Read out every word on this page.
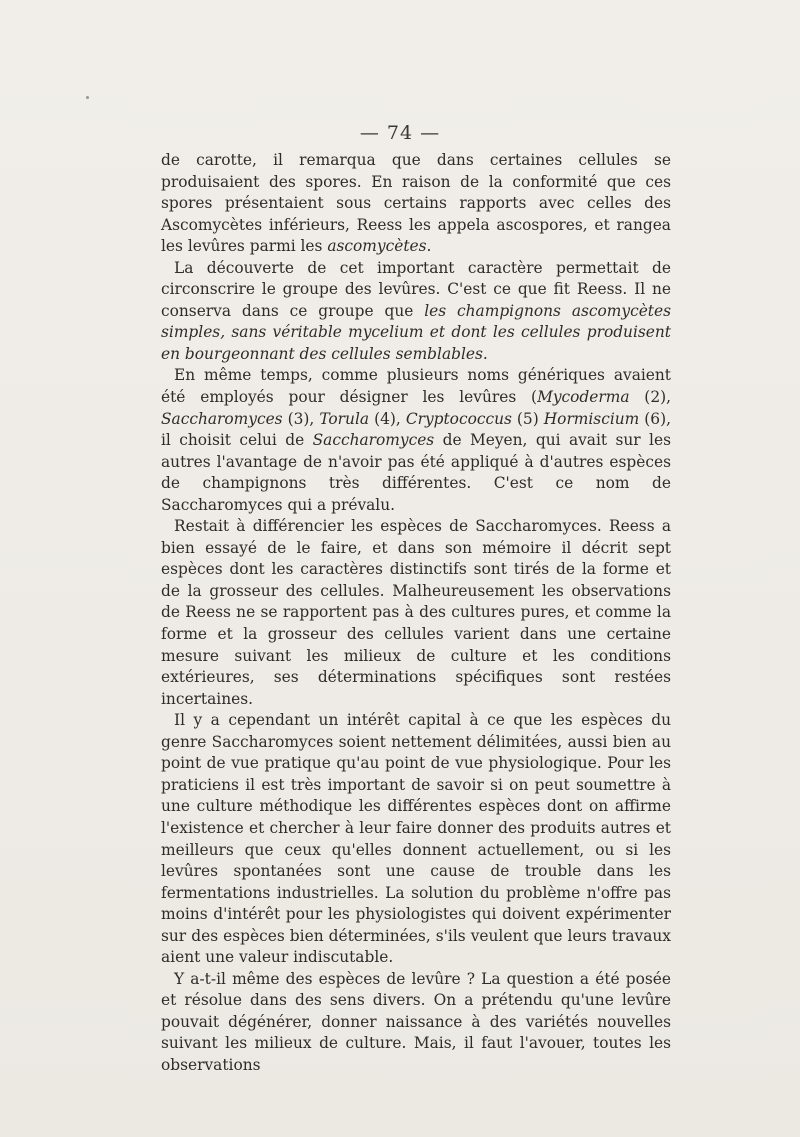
— 74 —

de carotte, il remarqua que dans certaines cellules se produisaient des spores. En raison de la conformité que ces spores présentaient sous certains rapports avec celles des Ascomycètes inférieurs, Reess les appela ascospores, et rangea les levûres parmi les ascomycètes.

La découverte de cet important caractère permettait de circonscrire le groupe des levûres. C'est ce que fit Reess. Il ne conserva dans ce groupe que les champignons ascomycètes simples, sans véritable mycelium et dont les cellules produisent en bourgeonnant des cellules semblables.

En même temps, comme plusieurs noms génériques avaient été employés pour désigner les levûres (Mycoderma (2), Saccharomyces (3), Torula (4), Cryptococcus (5) Hormiscium (6), il choisit celui de Saccharomyces de Meyen, qui avait sur les autres l'avantage de n'avoir pas été appliqué à d'autres espèces de champignons très différentes. C'est ce nom de Saccharomyces qui a prévalu.

Restait à différencier les espèces de Saccharomyces. Reess a bien essayé de le faire, et dans son mémoire il décrit sept espèces dont les caractères distinctifs sont tirés de la forme et de la grosseur des cellules. Malheureusement les observations de Reess ne se rapportent pas à des cultures pures, et comme la forme et la grosseur des cellules varient dans une certaine mesure suivant les milieux de culture et les conditions extérieures, ses déterminations spécifiques sont restées incertaines.

Il y a cependant un intérêt capital à ce que les espèces du genre Saccharomyces soient nettement délimitées, aussi bien au point de vue pratique qu'au point de vue physiologique. Pour les praticiens il est très important de savoir si on peut soumettre à une culture méthodique les différentes espèces dont on affirme l'existence et chercher à leur faire donner des produits autres et meilleurs que ceux qu'elles donnent actuellement, ou si les levûres spontanées sont une cause de trouble dans les fermentations industrielles. La solution du problème n'offre pas moins d'intérêt pour les physiologistes qui doivent expérimenter sur des espèces bien déterminées, s'ils veulent que leurs travaux aient une valeur indiscutable.

Y a-t-il même des espèces de levûre ? La question a été posée et résolue dans des sens divers. On a prétendu qu'une levûre pouvait dégénérer, donner naissance à des variétés nouvelles suivant les milieux de culture. Mais, il faut l'avouer, toutes les observations
